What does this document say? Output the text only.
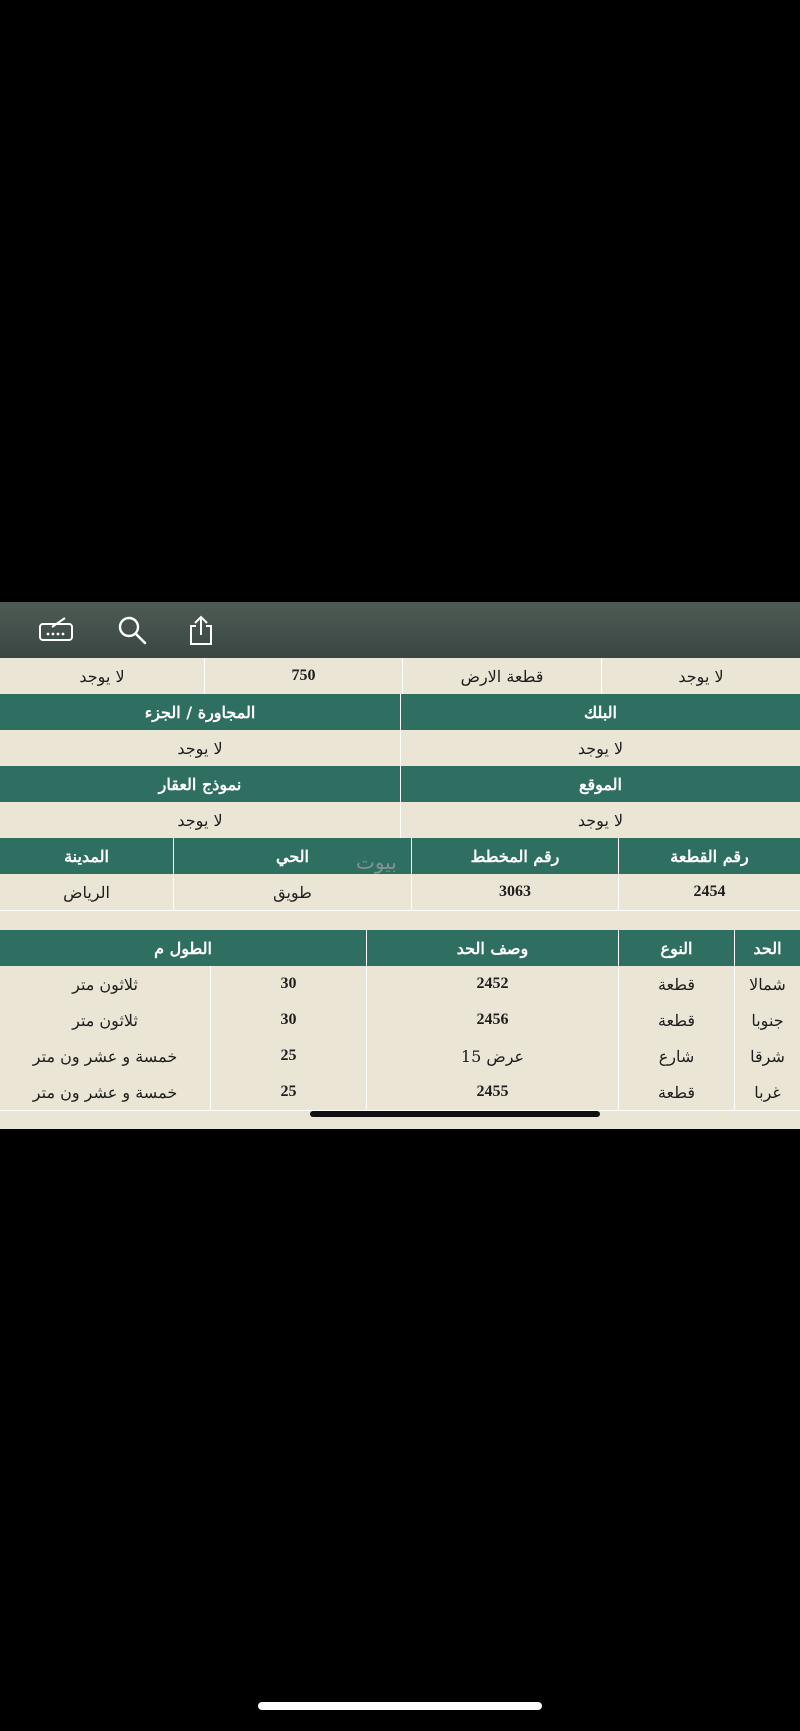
لا يوجد
قطعة الارض
750
لا يوجد
البلك
المجاورة / الجزء
لا يوجد
لا يوجد
الموقع
نموذج العقار
لا يوجد
لا يوجد
رقم القطعة
رقم المخطط
الحي
المدينة
2454
3063
طويق
الرياض
الحد
النوع
وصف الحد
الطول م
شمالا
قطعة
2452
30
ثلاثون متر
جنوبا
قطعة
2456
30
ثلاثون متر
شرقا
شارع
عرض 15
25
خمسة و عشر ون متر
غربا
قطعة
2455
25
خمسة و عشر ون متر
بيوت
